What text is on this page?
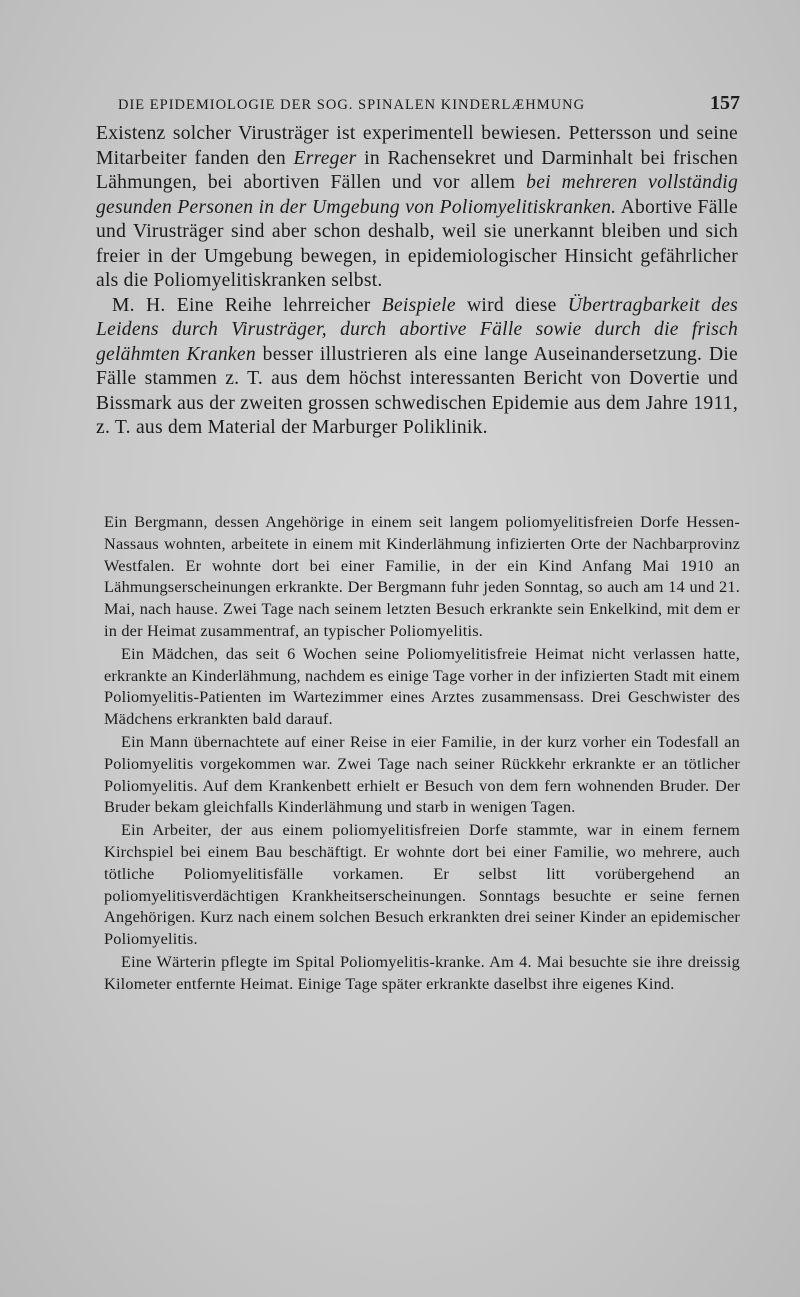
DIE EPIDEMIOLOGIE DER SOG. SPINALEN KINDERLÆHMUNG	157

Existenz solcher Virusträger ist experimentell bewiesen. Pettersson und seine Mitarbeiter fanden den Erreger in Rachensekret und Darminhalt bei frischen Lähmungen, bei abortiven Fällen und vor allem bei mehreren vollständig gesunden Personen in der Umgebung von Poliomyelitiskranken. Abortive Fälle und Virusträger sind aber schon deshalb, weil sie unerkannt bleiben und sich freier in der Umgebung bewegen, in epidemiologischer Hinsicht gefährlicher als die Poliomyelitiskranken selbst.

M. H. Eine Reihe lehrreicher Beispiele wird diese Übertragbarkeit des Leidens durch Virusträger, durch abortive Fälle sowie durch die frisch gelähmten Kranken besser illustrieren als eine lange Auseinandersetzung. Die Fälle stammen z. T. aus dem höchst interessanten Bericht von Dovertie und Bissmark aus der zweiten grossen schwedischen Epidemie aus dem Jahre 1911, z. T. aus dem Material der Marburger Poliklinik.

Ein Bergmann, dessen Angehörige in einem seit langem poliomyelitisfreien Dorfe Hessen-Nassaus wohnten, arbeitete in einem mit Kinderlähmung infizierten Orte der Nachbarprovinz Westfalen. Er wohnte dort bei einer Familie, in der ein Kind Anfang Mai 1910 an Lähmungserscheinungen erkrankte. Der Bergmann fuhr jeden Sonntag, so auch am 14 und 21. Mai, nach hause. Zwei Tage nach seinem letzten Besuch erkrankte sein Enkelkind, mit dem er in der Heimat zusammentraf, an typischer Poliomyelitis.

Ein Mädchen, das seit 6 Wochen seine Poliomyelitisfreie Heimat nicht verlassen hatte, erkrankte an Kinderlähmung, nachdem es einige Tage vorher in der infizierten Stadt mit einem Poliomyelitis-Patienten im Wartezimmer eines Arztes zusammensass. Drei Geschwister des Mädchens erkrankten bald darauf.

Ein Mann übernachtete auf einer Reise in eier Familie, in der kurz vorher ein Todesfall an Poliomyelitis vorgekommen war. Zwei Tage nach seiner Rückkehr erkrankte er an tötlicher Poliomyelitis. Auf dem Krankenbett erhielt er Besuch von dem fern wohnenden Bruder. Der Bruder bekam gleichfalls Kinderlähmung und starb in wenigen Tagen.

Ein Arbeiter, der aus einem poliomyelitisfreien Dorfe stammte, war in einem fernem Kirchspiel bei einem Bau beschäftigt. Er wohnte dort bei einer Familie, wo mehrere, auch tötliche Poliomyelitisfälle vorkamen. Er selbst litt vorübergehend an poliomyelitisverdächtigen Krankheitserscheinungen. Sonntags besuchte er seine fernen Angehörigen. Kurz nach einem solchen Besuch erkrankten drei seiner Kinder an epidemischer Poliomyelitis.

Eine Wärterin pflegte im Spital Poliomyelitis-kranke. Am 4. Mai besuchte sie ihre dreissig Kilometer entfernte Heimat. Einige Tage später erkrankte daselbst ihre eigenes Kind.
